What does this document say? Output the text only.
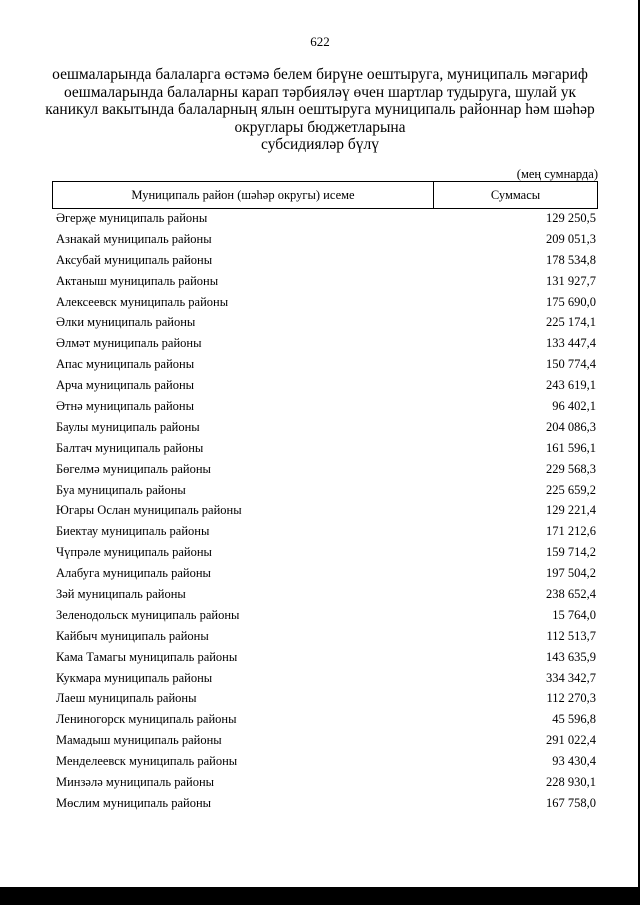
622
оешмаларында балаларга өстәмә белем бирүне оештыруга, муниципаль мәгариф
оешмаларында балаларны карап тәрбияләү өчен шартлар тудыруга, шулай ук
каникул вакытында балаларның ялын оештыруга муниципаль районнар һәм шәһәр
округлары бюджетларына
субсидияләр бүлү
(мең сумнарда)
Муниципаль район (шәһәр округы) исеме	Суммасы
Әгерҗе муниципаль районы	129 250,5
Азнакай муниципаль районы	209 051,3
Аксубай муниципаль районы	178 534,8
Актаныш муниципаль районы	131 927,7
Алексеевск муниципаль районы	175 690,0
Әлки муниципаль районы	225 174,1
Әлмәт муниципаль районы	133 447,4
Апас муниципаль районы	150 774,4
Арча муниципаль районы	243 619,1
Әтнә муниципаль районы	96 402,1
Баулы муниципаль районы	204 086,3
Балтач муниципаль районы	161 596,1
Бөгелмә муниципаль районы	229 568,3
Буа муниципаль районы	225 659,2
Югары Ослан муниципаль районы	129 221,4
Биектау муниципаль районы	171 212,6
Чүпрәле муниципаль районы	159 714,2
Алабуга муниципаль районы	197 504,2
Зәй муниципаль районы	238 652,4
Зеленодольск муниципаль районы	15 764,0
Кайбыч муниципаль районы	112 513,7
Кама Тамагы муниципаль районы	143 635,9
Кукмара муниципаль районы	334 342,7
Лаеш муниципаль районы	112 270,3
Лениногорск муниципаль районы	45 596,8
Мамадыш муниципаль районы	291 022,4
Менделеевск муниципаль районы	93 430,4
Минзәлә муниципаль районы	228 930,1
Мөслим муниципаль районы	167 758,0
